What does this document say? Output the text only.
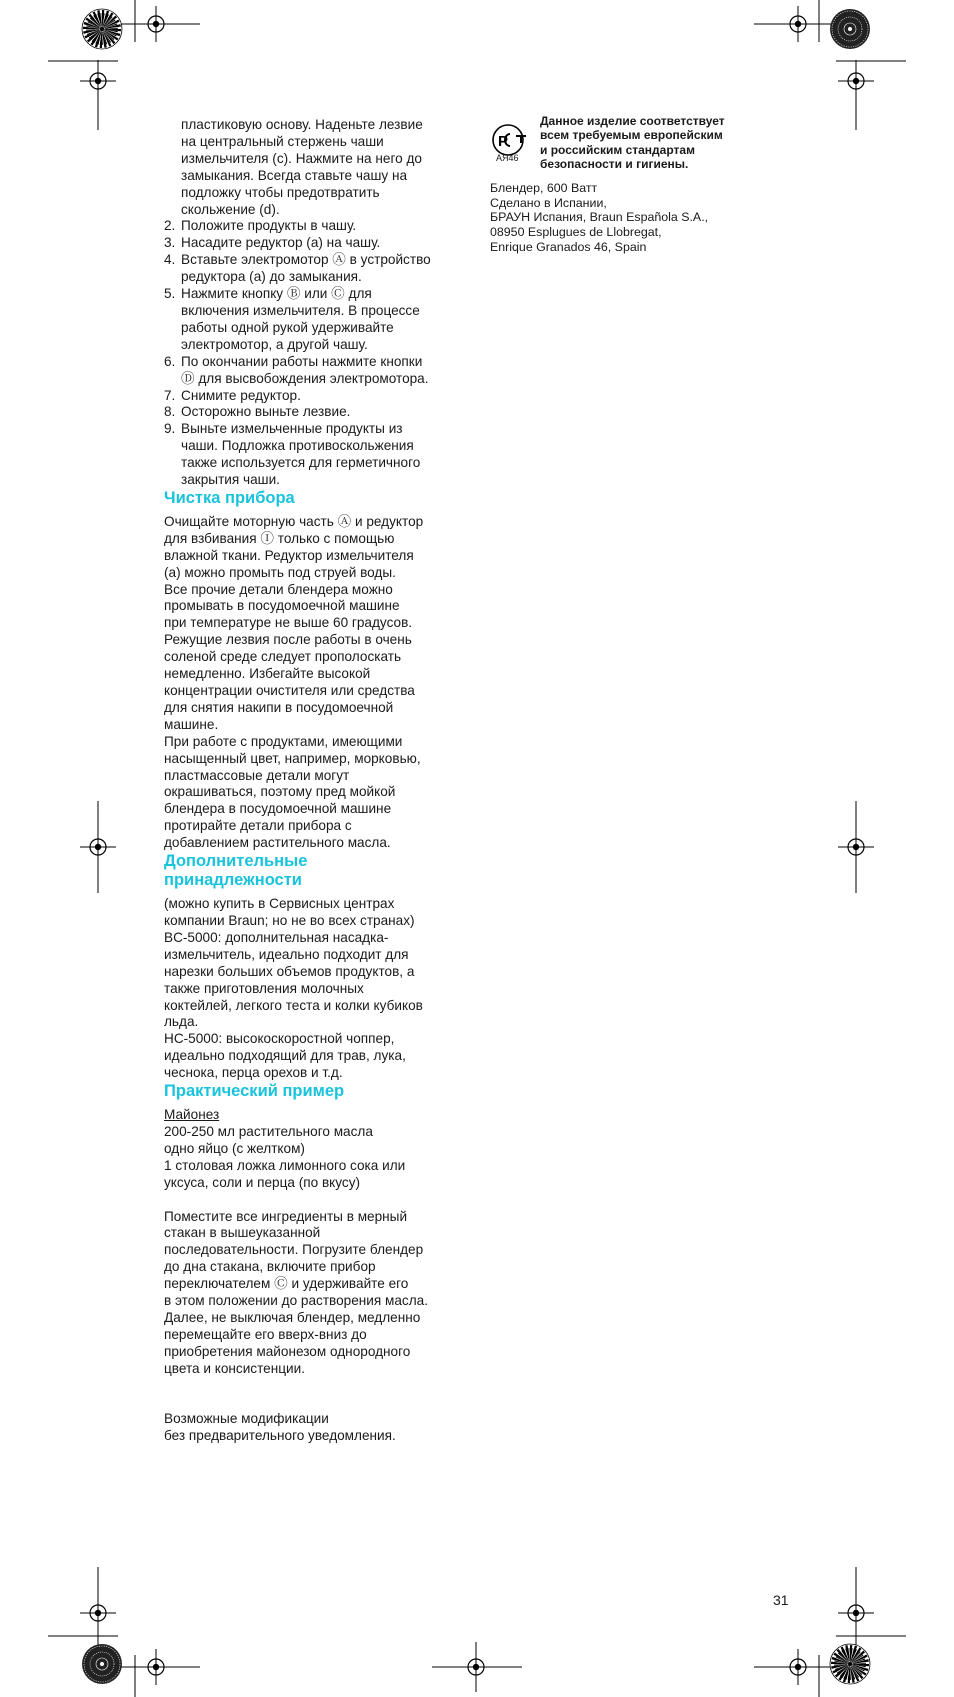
пластиковую основу. Наденьте лезвие
на центральный стержень чаши
измельчителя (с). Нажмите на него до
замыкания. Всегда ставьте чашу на
подложку чтобы предотвратить
скольжение (d).
2. Положите продукты в чашу.
3. Насадите редуктор (a) на чашу.
4. Вставьте электромотор Ⓐ в устройство
редуктора (a) до замыкания.
5. Нажмите кнопку Ⓑ или Ⓒ для
включения измельчителя. В процессе
работы одной рукой удерживайте
электромотор, а другой чашу.
6. По окончании работы нажмите кнопки
Ⓓ для высвобождения электромотора.
7. Снимите редуктор.
8. Осторожно выньте лезвие.
9. Выньте измельченные продукты из
чаши. Подложка противоскольжения
также используется для герметичного
закрытия чаши.
Чистка прибора
Очищайте моторную часть Ⓐ и редуктор
для взбивания Ⓘ только с помощью
влажной ткани. Редуктор измельчителя
(а) можно промыть под струей воды.
Все прочие детали блендера можно
промывать в посудомоечной машине
при температуре не выше 60 градусов.
Режущие лезвия после работы в очень
соленой среде следует прополоскать
немедленно. Избегайте высокой
концентрации очистителя или средства
для снятия накипи в посудомоечной
машине.
При работе с продуктами, имеющими
насыщенный цвет, например, морковью,
пластмассовые детали могут
окрашиваться, поэтому пред мойкой
блендера в посудомоечной машине
протирайте детали прибора с
добавлением растительного масла.
Дополнительные
принадлежности
(можно купить в Сервисных центрах
компании Braun; но не во всех странах)
BC-5000: дополнительная насадка-
измельчитель, идеально подходит для
нарезки больших объемов продуктов, а
также приготовления молочных
коктейлей, легкого теста и колки кубиков
льда.
HC-5000: высокоскоростной чоппер,
идеально подходящий для трав, лука,
чеснока, перца орехов и т.д.
Практический пример
Майонез
200-250 мл растительного масла
одно яйцо (с желтком)
1 столовая ложка лимонного сока или
уксуса, соли и перца (по вкусу)
Поместите все ингредиенты в мерный
стакан в вышеуказанной
последовательности. Погрузите блендер
до дна стакана, включите прибор
переключателем Ⓒ и удерживайте его
в этом положении до растворения масла.
Далее, не выключая блендер, медленно
перемещайте его вверх-вниз до
приобретения майонезом однородного
цвета и консистенции.
Возможные модификации
без предварительного уведомления.
Р
АЯ46
Данное изделие соответствует
всем требуемым европейским
и российским стандартам
безопасности и гигиены.
Блендер, 600 Ватт
Сделано в Испании,
БРАУН Испания, Braun Española S.A.,
08950 Esplugues de Llobregat,
Enrique Granados 46, Spain
31
